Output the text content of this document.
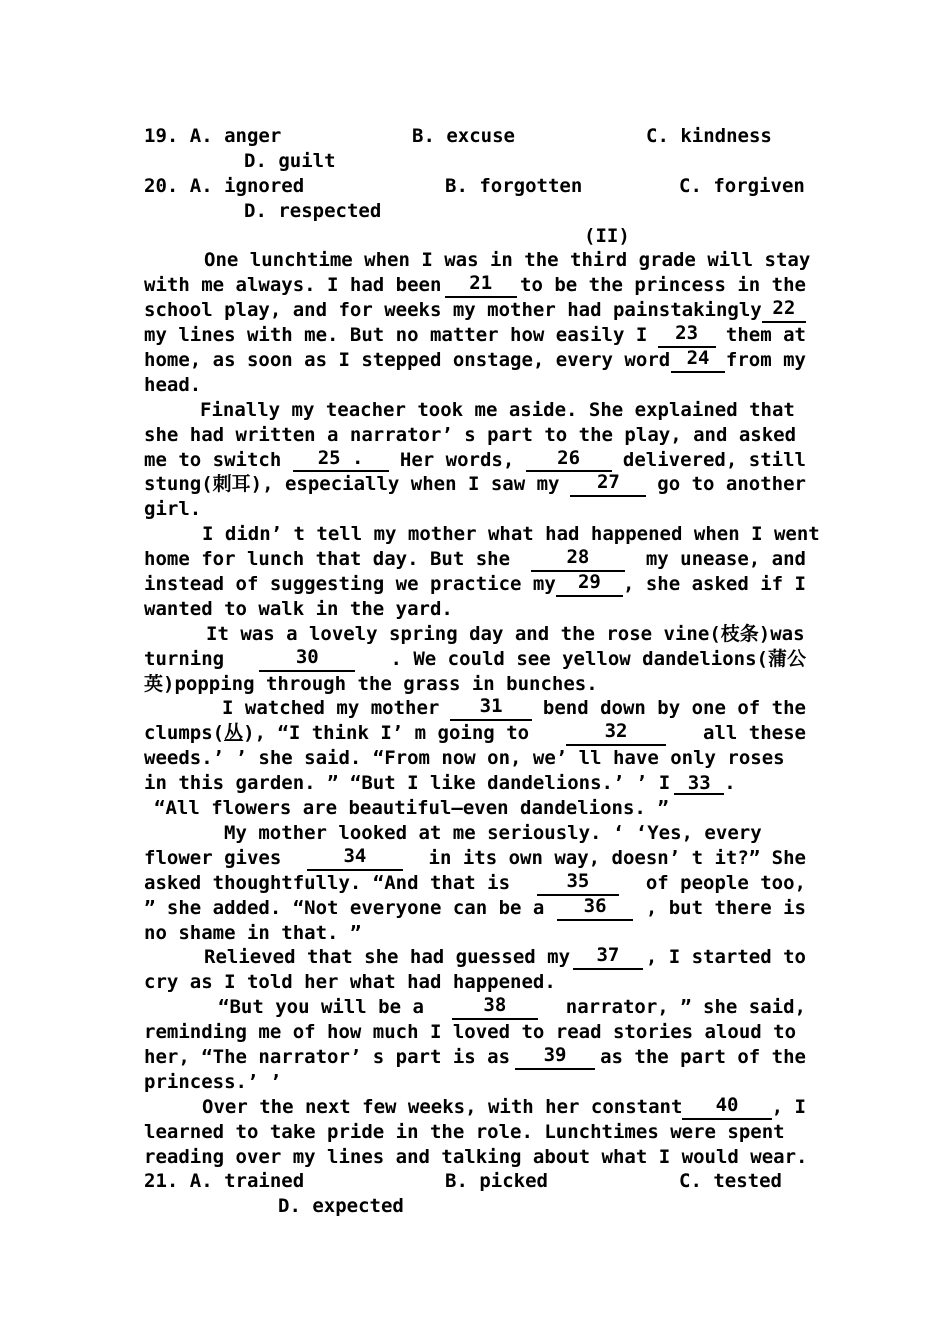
19. A. anger	B. excuse	C. kindness
D. guilt
20. A. ignored	B. forgotten	C. forgiven
D. respected
(II)
One lunchtime when I was in the third grade will stay
with me always. I had been	21	to be the princess in the
school play, and for weeks my mother had painstakingly 22
my lines with me. But no matter how easily I	23	them at
home, as soon as I stepped onstage, every word 24 from my
head.
Finally my teacher took me aside. She explained that
she had written a narrator’ s part to the play, and asked
me to switch	25 .	Her words,	26	delivered, still
stung(刺耳), especially when I saw my	27	go to another
girl.
I didn’ t tell my mother what had happened when I went
home for lunch that day. But she	28	my unease, and
instead of suggesting we practice my	29	, she asked if I
wanted to walk in the yard.
It was a lovely spring day and the rose vine(枝条)was
turning	30	. We could see yellow dandelions(蒲公
英)popping through the grass in bunches.
I watched my mother	31	bend down by one of the
clumps(丛), “I think I’ m going to	32	all these
weeds.’ ’ she said. “From now on, we’ ll have only roses
in this garden. ” “But I like dandelions.’ ’ I 33 .
“All flowers are beautiful—even dandelions. ”
My mother looked at me seriously. ‘ ‘Yes, every
flower gives	34	in its own way, doesn’ t it?” She
asked thoughtfully. “And that is	35	of people too,
” she added. “Not everyone can be a	36	, but there is
no shame in that. ”
Relieved that she had guessed my	37	, I started to
cry as I told her what had happened.
“But you will be a	38	narrator, ” she said,
reminding me of how much I loved to read stories aloud to
her, “The narrator’ s part is as	39	as the part of the
princess.’ ’
Over the next few weeks, with her constant	40	, I
learned to take pride in the role. Lunchtimes were spent
reading over my lines and talking about what I would wear.
21. A. trained	B. picked	C. tested
D. expected
